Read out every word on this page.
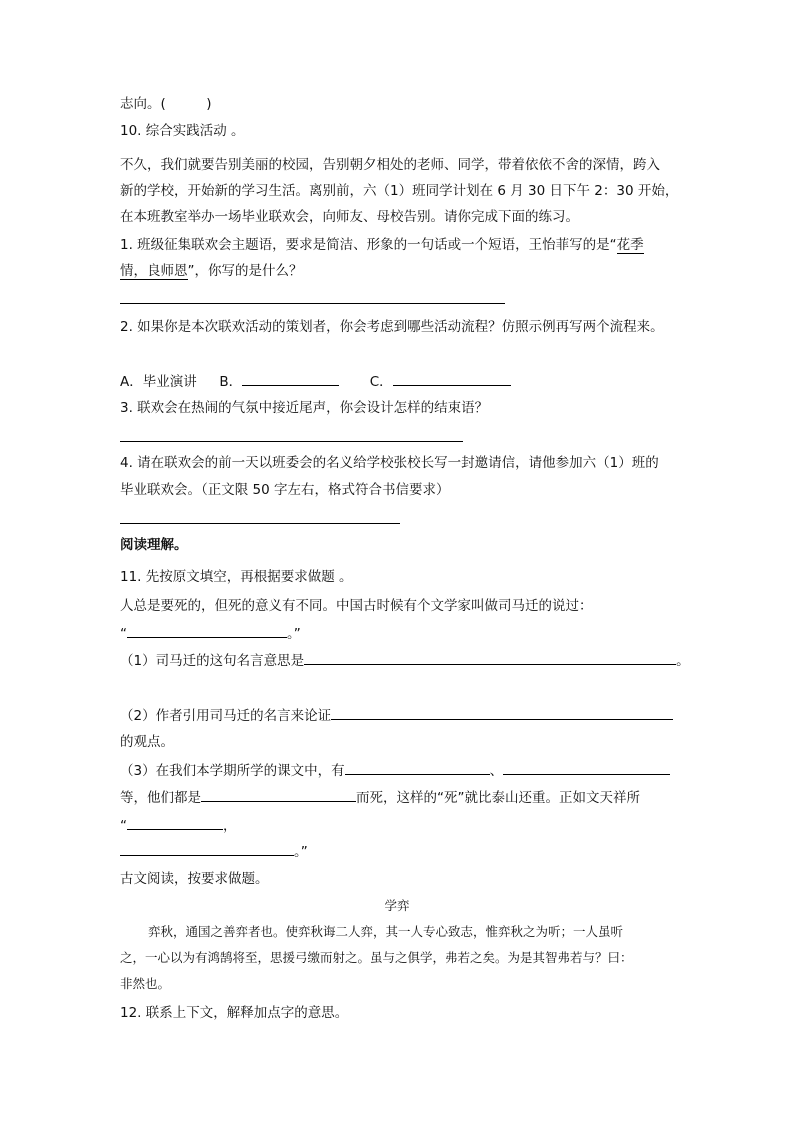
志向。(　　　)
10. 综合实践活动 。
不久，我们就要告别美丽的校园，告别朝夕相处的老师、同学，带着依依不舍的深情，跨入
新的学校，开始新的学习生活。离别前，六（1）班同学计划在 6 月 30 日下午 2：30 开始，
在本班教室举办一场毕业联欢会，向师友、母校告别。请你完成下面的练习。
1. 班级征集联欢会主题语，要求是简洁、形象的一句话或一个短语，王怡菲写的是“花季
情，良师恩”，你写的是什么？
2. 如果你是本次联欢活动的策划者，你会考虑到哪些活动流程？仿照示例再写两个流程来。
A．毕业演讲 B．	C．
3. 联欢会在热闹的气氛中接近尾声，你会设计怎样的结束语？
4. 请在联欢会的前一天以班委会的名义给学校张校长写一封邀请信，请他参加六（1）班的
毕业联欢会。（正文限 50 字左右，格式符合书信要求）
阅读理解。
11. 先按原文填空，再根据要求做题 。
人总是要死的，但死的意义有不同。中国古时候有个文学家叫做司马迁的说过：
“	。”
（1）司马迁的这句名言意思是	。
（2）作者引用司马迁的名言来论证
的观点。
（3）在我们本学期所学的课文中，有	、
等，他们都是	而死，这样的“死”就比泰山还重。正如文天祥所
“	，
。”
古文阅读，按要求做题。
学弈
弈秋，通国之善弈者也。使弈秋诲二人弈，其一人专心致志，惟弈秋之为听；一人虽听
之，一心以为有鸿鹄将至，思援弓缴而射之。虽与之俱学，弗若之矣。为是其智弗若与？曰：
非然也。
12. 联系上下文，解释加点字的意思。
